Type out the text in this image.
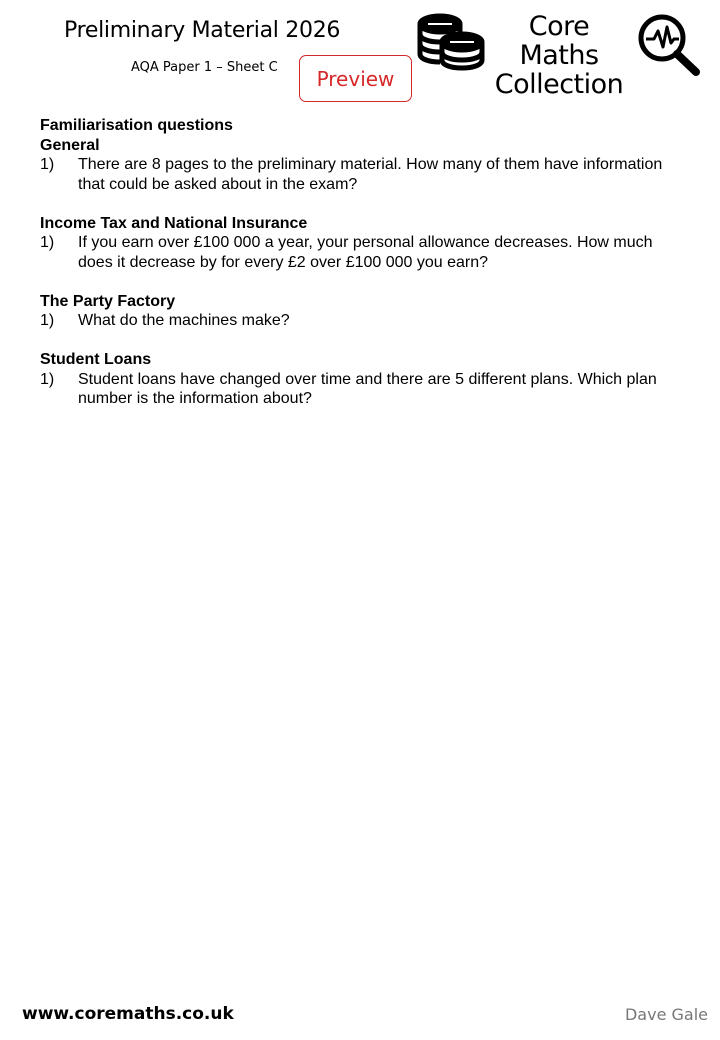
Preliminary Material 2026
AQA Paper 1 – Sheet C	Preview
Core Maths
Collection
Familiarisation questions
General
1)	There are 8 pages to the preliminary material. How many of them have information that could be asked about in the exam?
Income Tax and National Insurance
1)	If you earn over £100 000 a year, your personal allowance decreases. How much does it decrease by for every £2 over £100 000 you earn?
The Party Factory
1)	What do the machines make?
Student Loans
1)	Student loans have changed over time and there are 5 different plans. Which plan number is the information about?
www.coremaths.co.uk	Dave Gale
